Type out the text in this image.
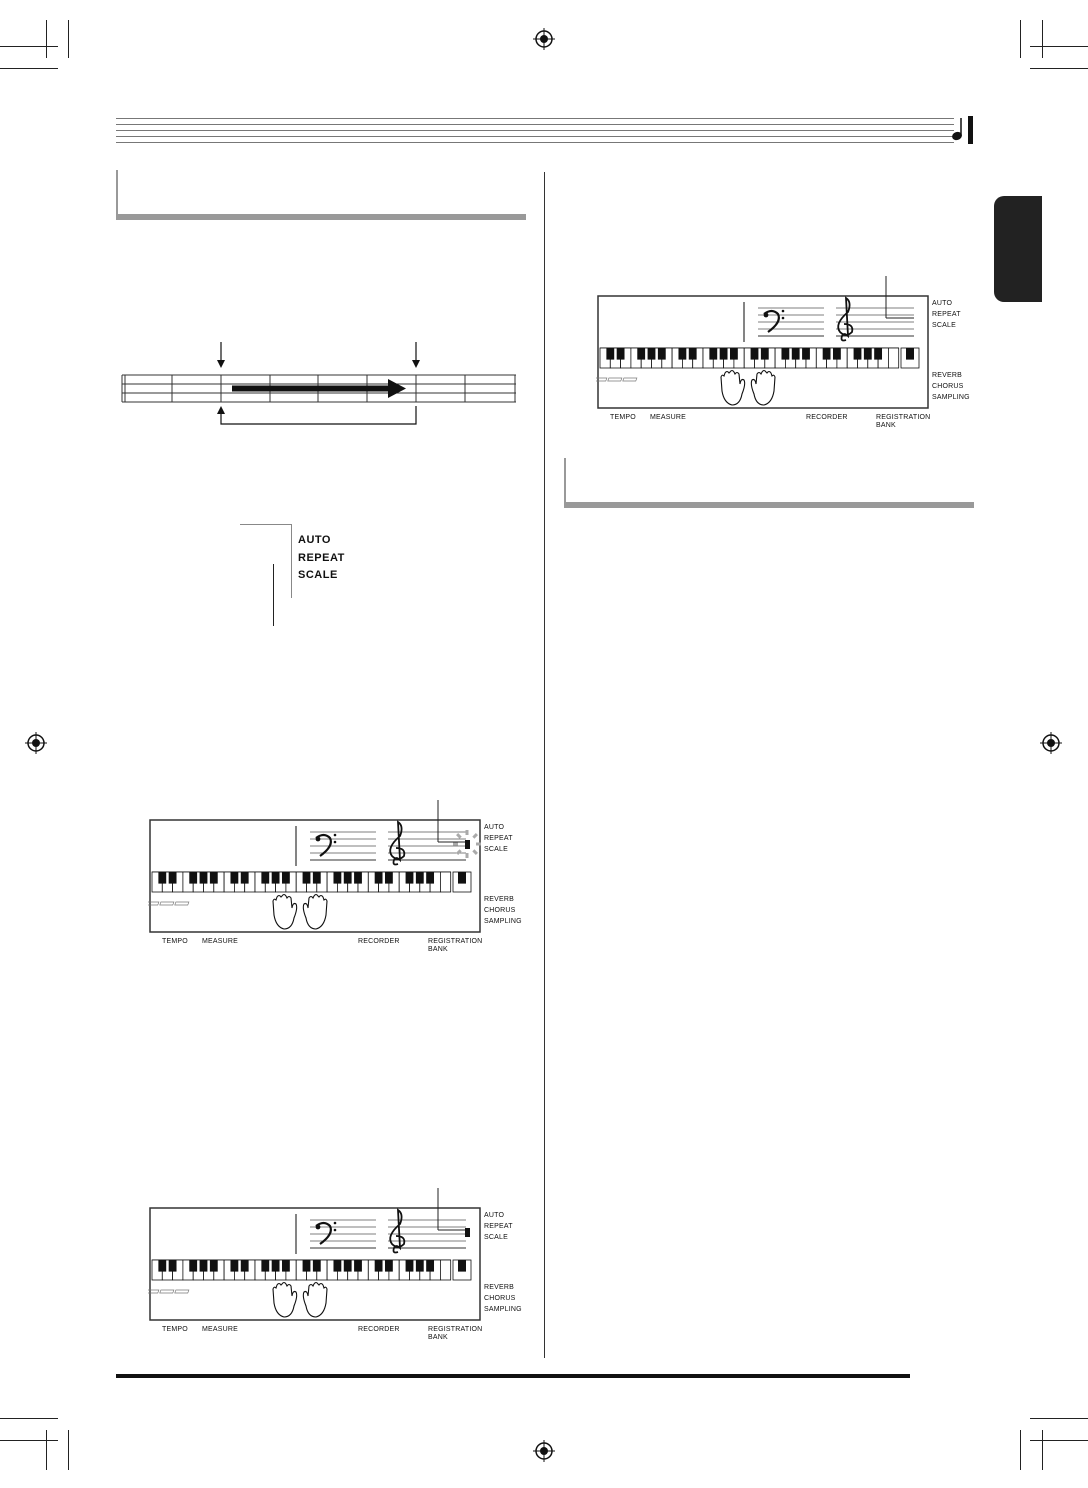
AUTO
REPEAT
SCALE
AUTO
REPEAT
SCALE
REVERB
CHORUS
SAMPLING
TEMPO MEASURE	RECORDER	REGISTRATION
BANK
AUTO
REPEAT
SCALE
REVERB
CHORUS
SAMPLING
TEMPO MEASURE	RECORDER	REGISTRATION
BANK
AUTO
REPEAT
SCALE
REVERB
CHORUS
SAMPLING
TEMPO MEASURE	RECORDER	REGISTRATION
BANK
